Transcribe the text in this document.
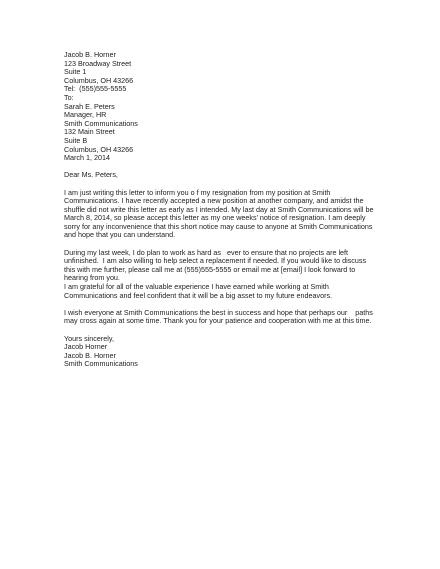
Jacob B. Horner
123 Broadway Street
Suite 1
Columbus, OH 43266
Tel:  (555)555-5555
To:
Sarah E. Peters
Manager, HR
Smith Communications
132 Main Street
Suite B
Columbus, OH 43266
March 1, 2014
Dear Ms. Peters,
I am just writing this letter to inform you o f my resignation from my position at Smith
Communications. I have recently accepted a new position at another company, and amidst the
shuffle did not write this letter as early as I intended. My last day at Smith Communications will be
March 8, 2014, so please accept this letter as my one weeks' notice of resignation. I am deeply
sorry for any inconvenience that this short notice may cause to anyone at Smith Communications
and hope that you can understand.
During my last week, I do plan to work as hard as   ever to ensure that no projects are left
unfinished.  I am also willing to help select a replacement if needed. If you would like to discuss
this with me further, please call me at (555)555-5555 or email me at [email] I look forward to
hearing from you.
I am grateful for all of the valuable experience I have earned while working at Smith
Communications and feel confident that it will be a big asset to my future endeavors.
I wish everyone at Smith Communications the best in success and hope that perhaps our    paths
may cross again at some time. Thank you for your patience and cooperation with me at this time.
Yours sincerely,
Jacob Horner
Jacob B. Horner
Smith Communications
